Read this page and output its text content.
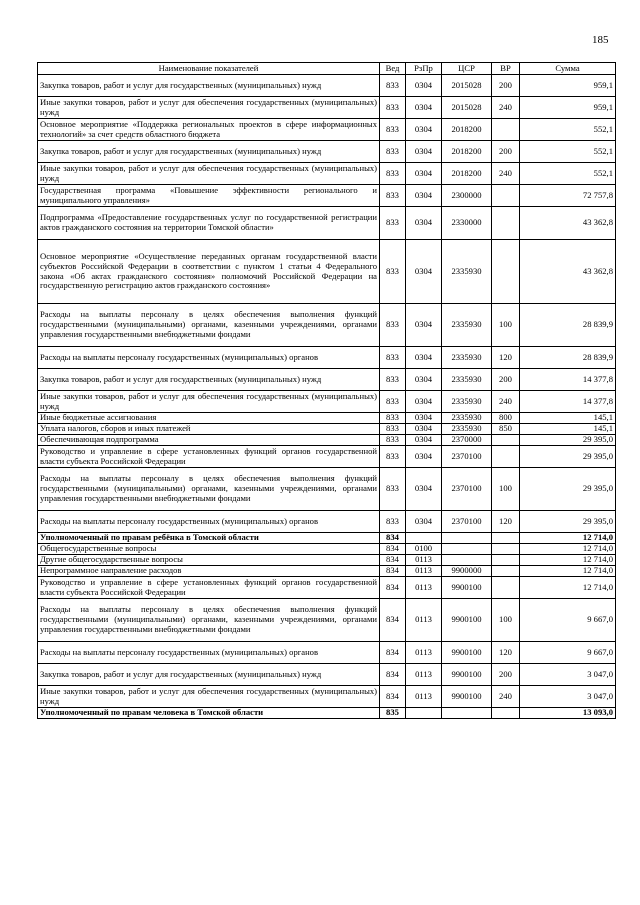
185
Наименование показателей	Вед	РзПр	ЦСР	ВР	Сумма
Закупка товаров, работ и услуг для государственных (муниципальных) нужд	833	0304	2015028	200	959,1
Иные закупки товаров, работ и услуг для обеспечения государственных (муниципальных) нужд	833	0304	2015028	240	959,1
Основное мероприятие «Поддержка региональных проектов в сфере информационных технологий» за счет средств областного бюджета	833	0304	2018200		552,1
Закупка товаров, работ и услуг для государственных (муниципальных) нужд	833	0304	2018200	200	552,1
Иные закупки товаров, работ и услуг для обеспечения государственных (муниципальных) нужд	833	0304	2018200	240	552,1
Государственная программа «Повышение эффективности регионального и муниципального управления»	833	0304	2300000		72 757,8
Подпрограмма «Предоставление государственных услуг по государственной регистрации актов гражданского состояния на территории Томской области»	833	0304	2330000		43 362,8
Основное мероприятие «Осуществление переданных органам государственной власти субъектов Российской Федерации в соответствии с пунктом 1 статьи 4 Федерального закона «Об актах гражданского состояния» полномочий Российской Федерации на государственную регистрацию актов гражданского состояния»	833	0304	2335930		43 362,8
Расходы на выплаты персоналу в целях обеспечения выполнения функций государственными (муниципальными) органами, казенными учреждениями, органами управления государственными внебюджетными фондами	833	0304	2335930	100	28 839,9
Расходы на выплаты персоналу государственных (муниципальных) органов	833	0304	2335930	120	28 839,9
Закупка товаров, работ и услуг для государственных (муниципальных) нужд	833	0304	2335930	200	14 377,8
Иные закупки товаров, работ и услуг для обеспечения государственных (муниципальных) нужд	833	0304	2335930	240	14 377,8
Иные бюджетные ассигнования	833	0304	2335930	800	145,1
Уплата налогов, сборов и иных платежей	833	0304	2335930	850	145,1
Обеспечивающая подпрограмма	833	0304	2370000		29 395,0
Руководство и управление в сфере установленных функций органов государственной власти субъекта Российской Федерации	833	0304	2370100		29 395,0
Расходы на выплаты персоналу в целях обеспечения выполнения функций государственными (муниципальными) органами, казенными учреждениями, органами управления государственными внебюджетными фондами	833	0304	2370100	100	29 395,0
Расходы на выплаты персоналу государственных (муниципальных) органов	833	0304	2370100	120	29 395,0
Уполномоченный по правам ребёнка в Томской области	834				12 714,0
Общегосударственные вопросы	834	0100			12 714,0
Другие общегосударственные вопросы	834	0113			12 714,0
Непрограммное направление расходов	834	0113	9900000		12 714,0
Руководство и управление в сфере установленных функций органов государственной власти субъекта Российской Федерации	834	0113	9900100		12 714,0
Расходы на выплаты персоналу в целях обеспечения выполнения функций государственными (муниципальными) органами, казенными учреждениями, органами управления государственными внебюджетными фондами	834	0113	9900100	100	9 667,0
Расходы на выплаты персоналу государственных (муниципальных) органов	834	0113	9900100	120	9 667,0
Закупка товаров, работ и услуг для государственных (муниципальных) нужд	834	0113	9900100	200	3 047,0
Иные закупки товаров, работ и услуг для обеспечения государственных (муниципальных) нужд	834	0113	9900100	240	3 047,0
Уполномоченный по правам человека в Томской области	835				13 093,0
